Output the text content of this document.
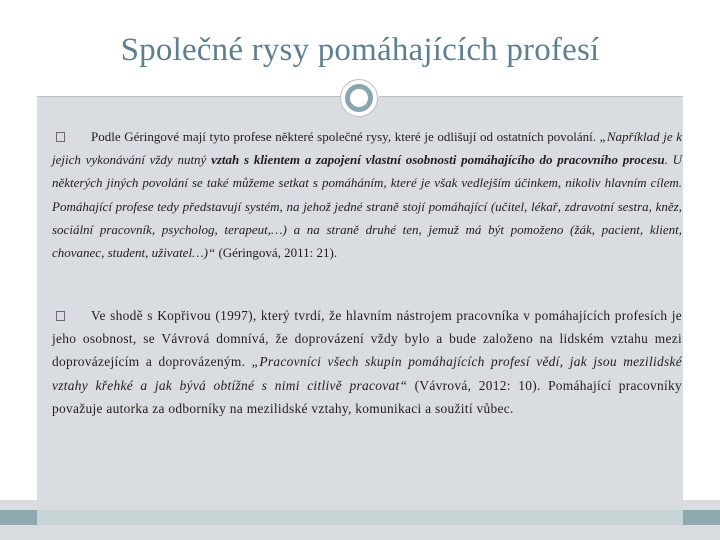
Společné rysy pomáhajících profesí
Podle Géringové mají tyto profese některé společné rysy, které je odlišují od ostatních povolání. „Například je k jejich vykonávání vždy nutný vztah s klientem a zapojení vlastní osobnosti pomáhajícího do pracovního procesu. U některých jiných povolání se také můžeme setkat s pomáháním, které je však vedlejším účinkem, nikoliv hlavním cílem. Pomáhající profese tedy představují systém, na jehož jedné straně stojí pomáhající (učitel, lékař, zdravotní sestra, kněz, sociální pracovník, psycholog, terapeut,…) a na straně druhé ten, jemuž má být pomoženo (žák, pacient, klient, chovanec, student, uživatel…)“ (Géringová, 2011: 21).
Ve shodě s Kopřivou (1997), který tvrdí, že hlavním nástrojem pracovníka v pomáhajících profesích je jeho osobnost, se Vávrová domnívá, že doprovázení vždy bylo a bude založeno na lidském vztahu mezi doprovázejícím a doprovázeným. „Pracovníci všech skupin pomáhajících profesí vědí, jak jsou mezilidské vztahy křehké a jak bývá obtížné s nimi citlivě pracovat“ (Vávrová, 2012: 10). Pomáhající pracovníky považuje autorka za odborníky na mezilidské vztahy, komunikaci a soužití vůbec.
